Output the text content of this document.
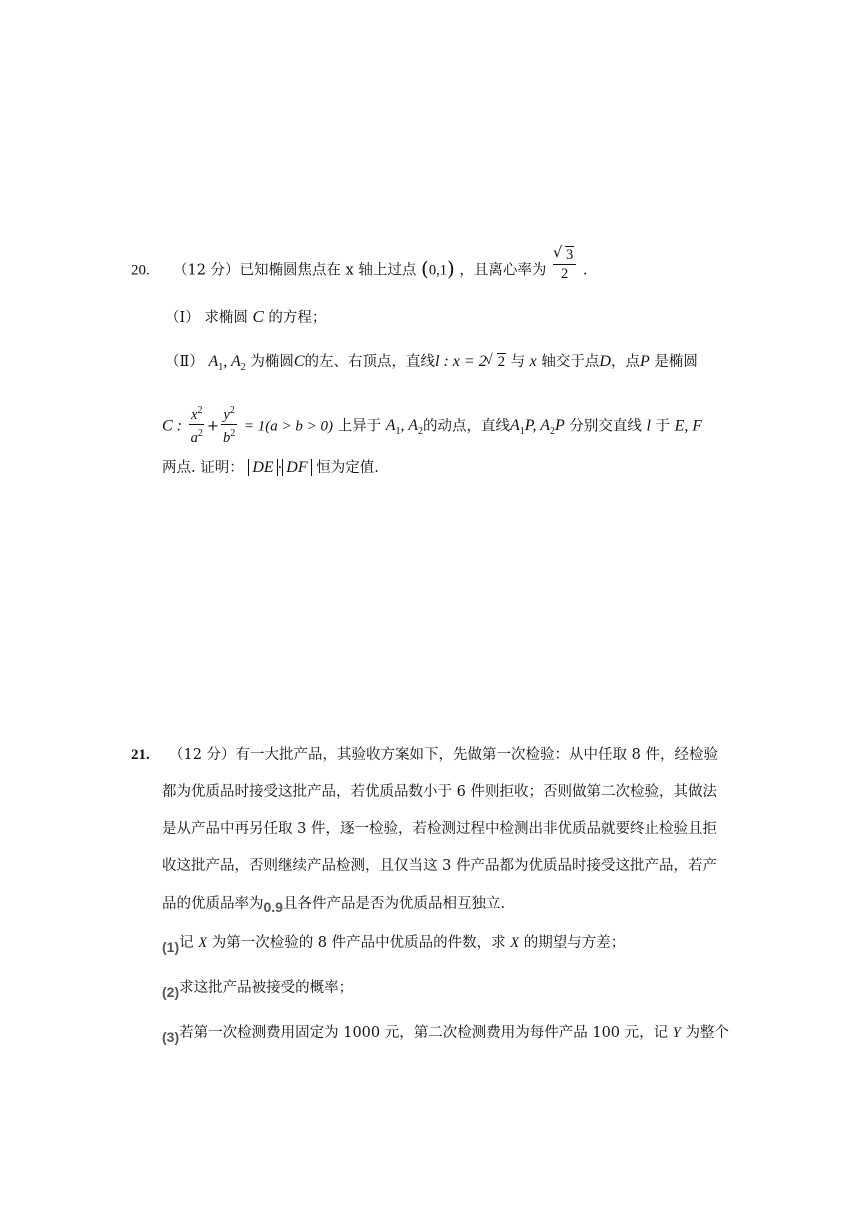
20. （12 分）已知椭圆焦点在 x 轴上过点 (0,1) ，且离心率为 √ $\frac{3}{2}$ .
（Ⅰ） 求椭圆 C 的方程；
（Ⅱ） $A_1$, $A_2$ 为椭圆C的左、右顶点，直线l : x = 2 √ 2 与 x 轴交于点D，点P 是椭圆
C : $\frac{x^2}{a^2} + \frac{y^2}{b^2} = 1(a > b > 0)$ 上异于 $A_1$, $A_2$的动点，直线$A_1P$, $A_2P$ 分别交直线 l 于 E, F
两点. 证明： DE · DF 恒为定值.
21. （12 分）有一大批产品，其验收方案如下，先做第一次检验：从中任取 8 件，经检验
都为优质品时接受这批产品，若优质品数小于 6 件则拒收；否则做第二次检验，其做法
是从产品中再另任取 3 件，逐一检验，若检测过程中检测出非优质品就要终止检验且拒
收这批产品，否则继续产品检测，且仅当这 3 件产品都为优质品时接受这批产品，若产
品的优质品率为0.9且各件产品是否为优质品相互独立.
(1)记 X 为第一次检验的 8 件产品中优质品的件数，求 X 的期望与方差；
(2)求这批产品被接受的概率；
(3)若第一次检测费用固定为 1000 元，第二次检测费用为每件产品 100 元，记 Y 为整个
